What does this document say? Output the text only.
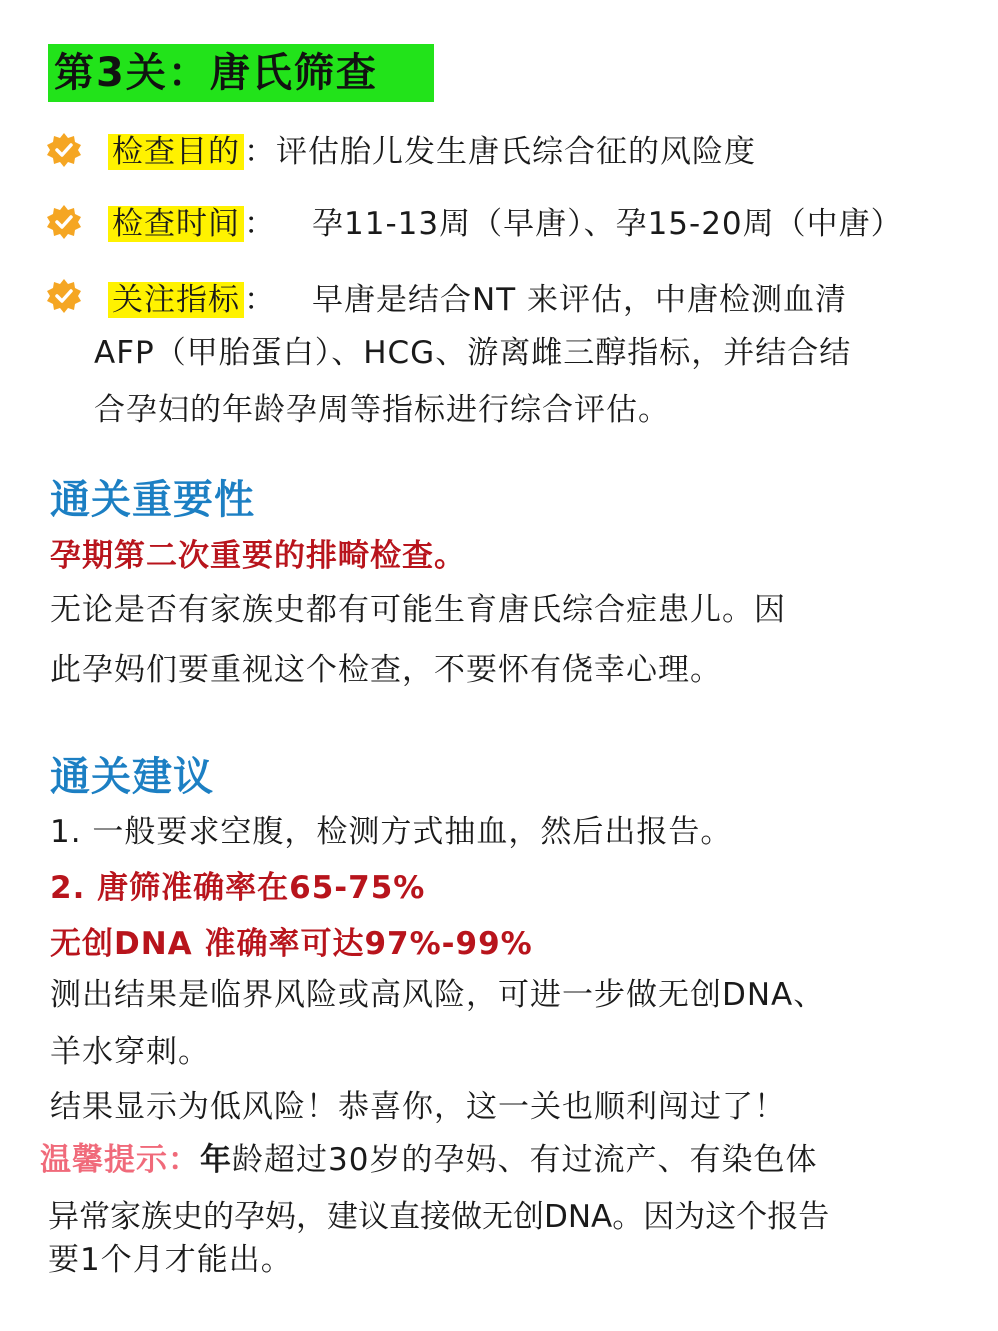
第3关：唐氏筛查
检查目的 ：评估胎儿发生唐氏综合征的风险度
检查时间 ： 孕11-13周（早唐）、孕15-20周（中唐）
关注指标 ： 早唐是结合NT 来评估，中唐检测血清
AFP（甲胎蛋白）、HCG、游离雌三醇指标，并结合结
合孕妇的年龄孕周等指标进行综合评估。
通关重要性
孕期第二次重要的排畸检查。
无论是否有家族史都有可能生育唐氏综合症患儿。因
此孕妈们要重视这个检查，不要怀有侥幸心理。
通关建议
1. 一般要求空腹，检测方式抽血，然后出报告。
2. 唐筛准确率在65-75%
无创DNA 准确率可达97%-99%
测出结果是临界风险或高风险，可进一步做无创DNA、
羊水穿刺。
结果显示为低风险！恭喜你，这一关也顺利闯过了！
温馨提示：年龄超过30岁的孕妈、有过流产、有染色体
异常家族史的孕妈，建议直接做无创DNA。因为这个报告
要1个月才能出。
